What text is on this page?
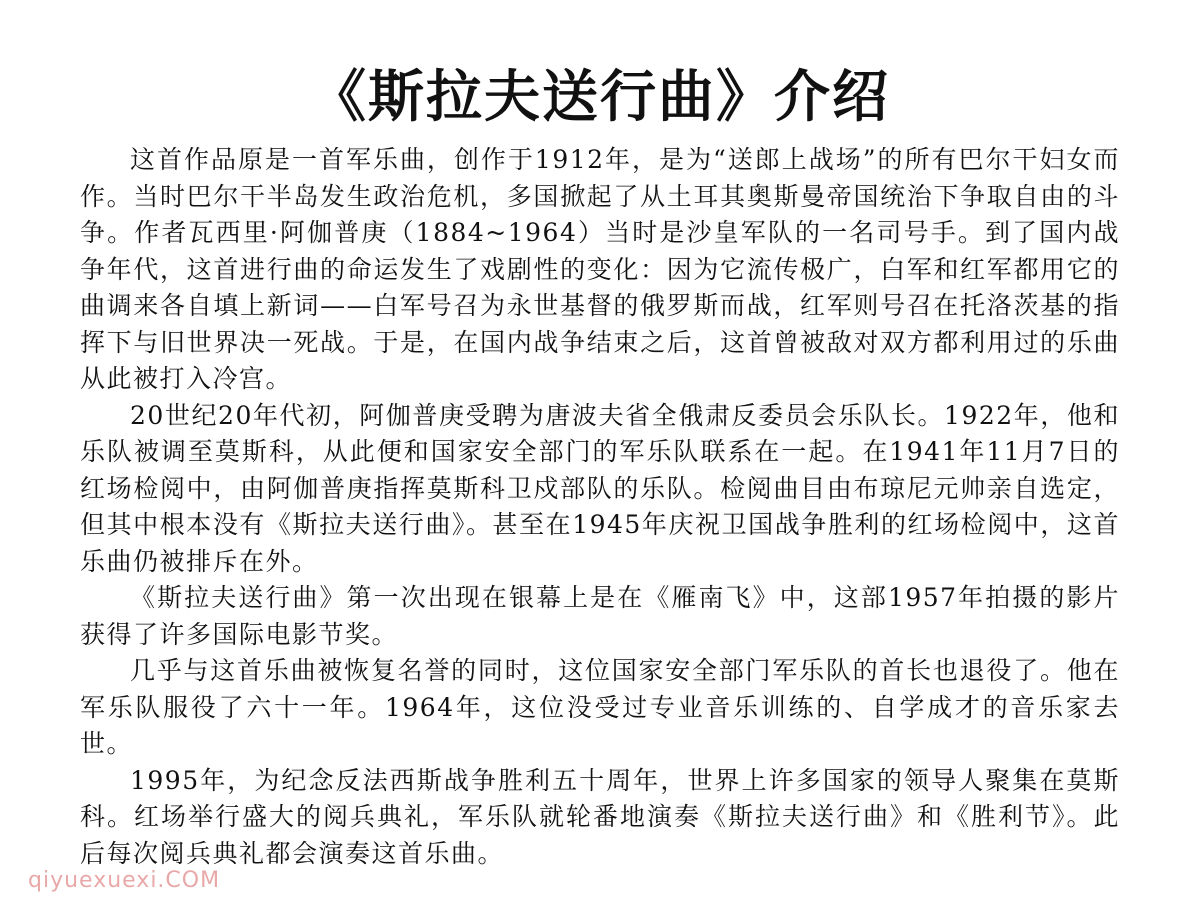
《斯拉夫送行曲》介绍

这首作品原是一首军乐曲，创作于1912年，是为“送郎上战场”的所有巴尔干妇女而作。当时巴尔干半岛发生政治危机，多国掀起了从土耳其奥斯曼帝国统治下争取自由的斗争。作者瓦西里·阿伽普庚（1884~1964）当时是沙皇军队的一名司号手。到了国内战争年代，这首进行曲的命运发生了戏剧性的变化：因为它流传极广，白军和红军都用它的曲调来各自填上新词——白军号召为永世基督的俄罗斯而战，红军则号召在托洛茨基的指挥下与旧世界决一死战。于是，在国内战争结束之后，这首曾被敌对双方都利用过的乐曲从此被打入冷宫。

20世纪20年代初，阿伽普庚受聘为唐波夫省全俄肃反委员会乐队长。1922年，他和乐队被调至莫斯科，从此便和国家安全部门的军乐队联系在一起。在1941年11月7日的红场检阅中，由阿伽普庚指挥莫斯科卫戍部队的乐队。检阅曲目由布琼尼元帅亲自选定，但其中根本没有《斯拉夫送行曲》。甚至在1945年庆祝卫国战争胜利的红场检阅中，这首乐曲仍被排斥在外。

《斯拉夫送行曲》第一次出现在银幕上是在《雁南飞》中，这部1957年拍摄的影片获得了许多国际电影节奖。

几乎与这首乐曲被恢复名誉的同时，这位国家安全部门军乐队的首长也退役了。他在军乐队服役了六十一年。1964年，这位没受过专业音乐训练的、自学成才的音乐家去世。

1995年，为纪念反法西斯战争胜利五十周年，世界上许多国家的领导人聚集在莫斯科。红场举行盛大的阅兵典礼，军乐队就轮番地演奏《斯拉夫送行曲》和《胜利节》。此后每次阅兵典礼都会演奏这首乐曲。

qiyuexuexi.COM
